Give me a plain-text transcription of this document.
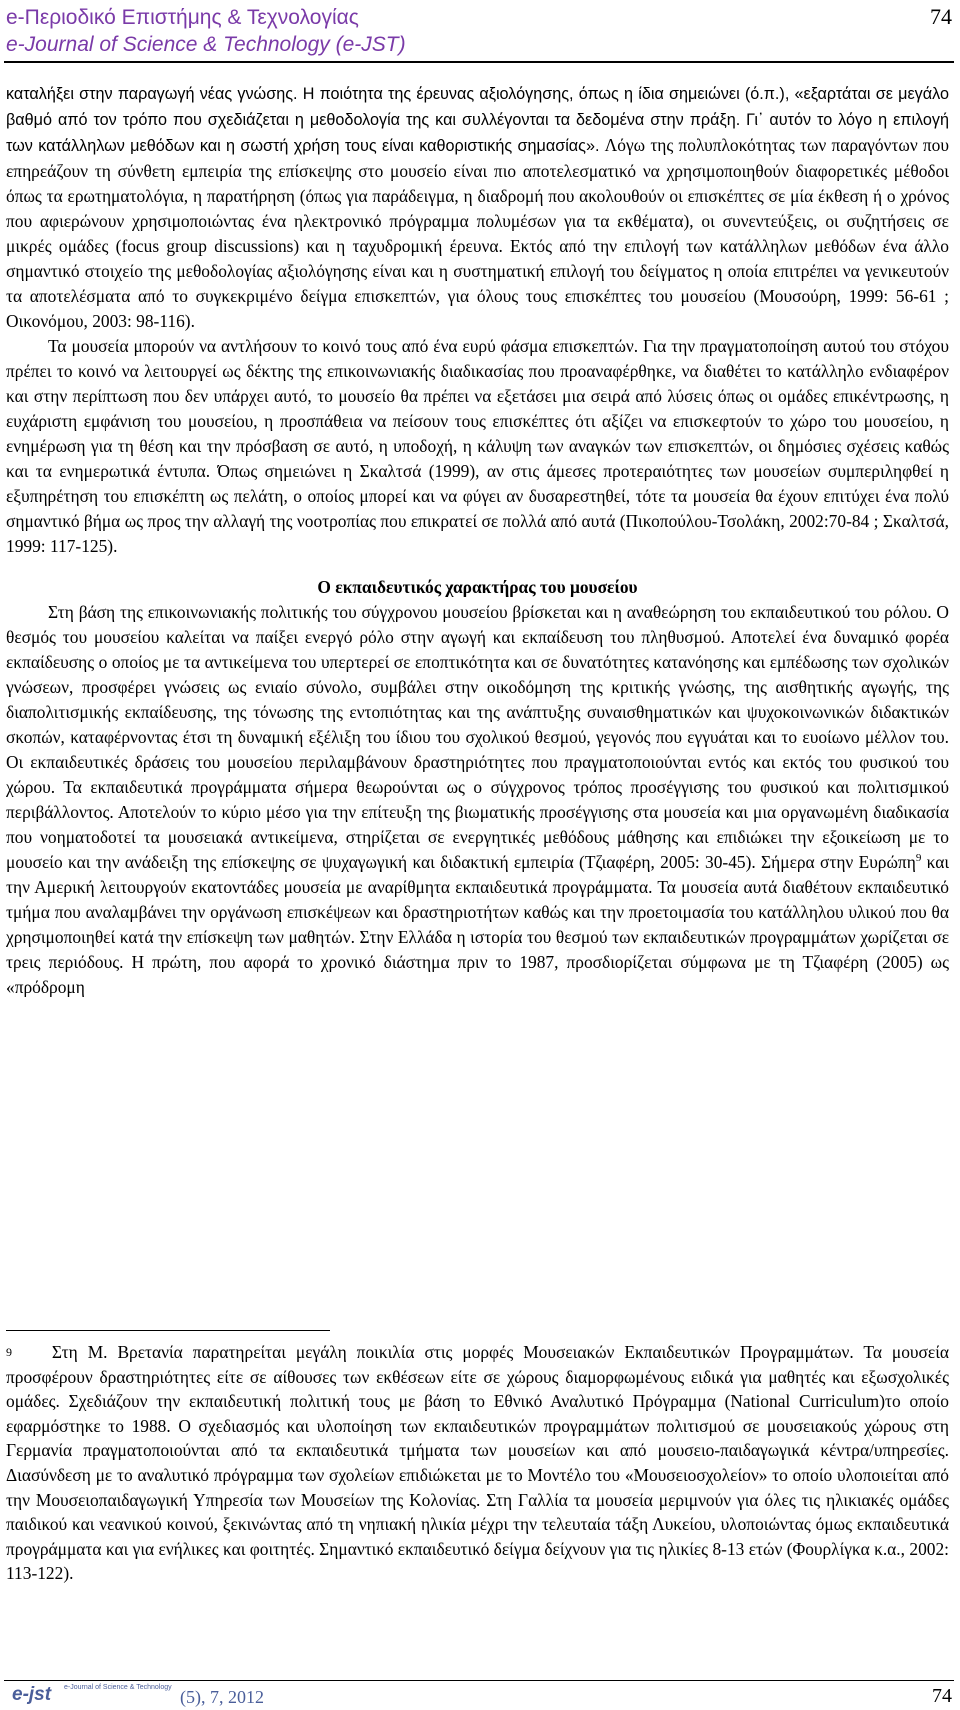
e-Περιοδικό Επιστήμης & Τεχνολογίας
e-Journal of Science & Technology (e-JST)
74

καταλήξει στην παραγωγή νέας γνώσης. Η ποιότητα της έρευνας αξιολόγησης, όπως η ίδια σημειώνει (ό.π.), «εξαρτάται σε μεγάλο βαθμό από τον τρόπο που σχεδιάζεται η μεθοδολογία της και συλλέγονται τα δεδομένα στην πράξη. Γι᾽ αυτόν το λόγο η επιλογή των κατάλληλων μεθόδων και η σωστή χρήση τους είναι καθοριστικής σημασίας».

Λόγω της πολυπλοκότητας των παραγόντων που επηρεάζουν τη σύνθετη εμπειρία της επίσκεψης στο μουσείο είναι πιο αποτελεσματικό να χρησιμοποιηθούν διαφορετικές μέθοδοι όπως τα ερωτηματολόγια, η παρατήρηση (όπως για παράδειγμα, η διαδρομή που ακολουθούν οι επισκέπτες σε μία έκθεση ή ο χρόνος που αφιερώνουν χρησιμοποιώντας ένα ηλεκτρονικό πρόγραμμα πολυμέσων για τα εκθέματα), οι συνεντεύξεις, οι συζητήσεις σε μικρές ομάδες (focus group discussions) και η ταχυδρομική έρευνα. Εκτός από την επιλογή των κατάλληλων μεθόδων ένα άλλο σημαντικό στοιχείο της μεθοδολογίας αξιολόγησης είναι και η συστηματική επιλογή του δείγματος η οποία επιτρέπει να γενικευτούν τα αποτελέσματα από το συγκεκριμένο δείγμα επισκεπτών, για όλους τους επισκέπτες του μουσείου (Μουσούρη, 1999: 56-61 ; Οικονόμου, 2003: 98-116).

Τα μουσεία μπορούν να αντλήσουν το κοινό τους από ένα ευρύ φάσμα επισκεπτών. Για την πραγματοποίηση αυτού του στόχου πρέπει το κοινό να λειτουργεί ως δέκτης της επικοινωνιακής διαδικασίας που προαναφέρθηκε, να διαθέτει το κατάλληλο ενδιαφέρον και στην περίπτωση που δεν υπάρχει αυτό, το μουσείο θα πρέπει να εξετάσει μια σειρά από λύσεις όπως οι ομάδες επικέντρωσης, η ευχάριστη εμφάνιση του μουσείου, η προσπάθεια να πείσουν τους επισκέπτες ότι αξίζει να επισκεφτούν το χώρο του μουσείου, η ενημέρωση για τη θέση και την πρόσβαση σε αυτό, η υποδοχή, η κάλυψη των αναγκών των επισκεπτών, οι δημόσιες σχέσεις καθώς και τα ενημερωτικά έντυπα. Όπως σημειώνει η Σκαλτσά (1999), αν στις άμεσες προτεραιότητες των μουσείων συμπεριληφθεί η εξυπηρέτηση του επισκέπτη ως πελάτη, ο οποίος μπορεί και να φύγει αν δυσαρεστηθεί, τότε τα μουσεία θα έχουν επιτύχει ένα πολύ σημαντικό βήμα ως προς την αλλαγή της νοοτροπίας που επικρατεί σε πολλά από αυτά (Πικοπούλου-Τσολάκη, 2002:70-84 ; Σκαλτσά, 1999: 117-125).

Ο εκπαιδευτικός χαρακτήρας του μουσείου

Στη βάση της επικοινωνιακής πολιτικής του σύγχρονου μουσείου βρίσκεται και η αναθεώρηση του εκπαιδευτικού του ρόλου. Ο θεσμός του μουσείου καλείται να παίξει ενεργό ρόλο στην αγωγή και εκπαίδευση του πληθυσμού. Αποτελεί ένα δυναμικό φορέα εκπαίδευσης ο οποίος με τα αντικείμενα του υπερτερεί σε εποπτικότητα και σε δυνατότητες κατανόησης και εμπέδωσης των σχολικών γνώσεων, προσφέρει γνώσεις ως ενιαίο σύνολο, συμβάλει στην οικοδόμηση της κριτικής γνώσης, της αισθητικής αγωγής, της διαπολιτισμικής εκπαίδευσης, της τόνωσης της εντοπιότητας και της ανάπτυξης συναισθηματικών και ψυχοκοινωνικών διδακτικών σκοπών, καταφέρνοντας έτσι τη δυναμική εξέλιξη του ίδιου του σχολικού θεσμού, γεγονός που εγγυάται και το ευοίωνο μέλλον του. Οι εκπαιδευτικές δράσεις του μουσείου περιλαμβάνουν δραστηριότητες που πραγματοποιούνται εντός και εκτός του φυσικού του χώρου. Τα εκπαιδευτικά προγράμματα σήμερα θεωρούνται ως ο σύγχρονος τρόπος προσέγγισης του φυσικού και πολιτισμικού περιβάλλοντος. Αποτελούν το κύριο μέσο για την επίτευξη της βιωματικής προσέγγισης στα μουσεία και μια οργανωμένη διαδικασία που νοηματοδοτεί τα μουσειακά αντικείμενα, στηρίζεται σε ενεργητικές μεθόδους μάθησης και επιδιώκει την εξοικείωση με το μουσείο και την ανάδειξη της επίσκεψης σε ψυχαγωγική και διδακτική εμπειρία (Τζιαφέρη, 2005: 30-45). Σήμερα στην Ευρώπη$^9$ και την Αμερική λειτουργούν εκατοντάδες μουσεία με αναρίθμητα εκπαιδευτικά προγράμματα. Τα μουσεία αυτά διαθέτουν εκπαιδευτικό τμήμα που αναλαμβάνει την οργάνωση επισκέψεων και δραστηριοτήτων καθώς και την προετοιμασία του κατάλληλου υλικού που θα χρησιμοποιηθεί κατά την επίσκεψη των μαθητών. Στην Ελλάδα η ιστορία του θεσμού των εκπαιδευτικών προγραμμάτων χωρίζεται σε τρεις περιόδους. Η πρώτη, που αφορά το χρονικό διάστημα πριν το 1987, προσδιορίζεται σύμφωνα με τη Τζιαφέρη (2005) ως «πρόδρομη

$^9$ Στη Μ. Βρετανία παρατηρείται μεγάλη ποικιλία στις μορφές Μουσειακών Εκπαιδευτικών Προγραμμάτων. Τα μουσεία προσφέρουν δραστηριότητες είτε σε αίθουσες των εκθέσεων είτε σε χώρους διαμορφωμένους ειδικά για μαθητές και εξωσχολικές ομάδες. Σχεδιάζουν την εκπαιδευτική πολιτική τους με βάση το Εθνικό Αναλυτικό Πρόγραμμα (National Curriculum)το οποίο εφαρμόστηκε το 1988. Ο σχεδιασμός και υλοποίηση των εκπαιδευτικών προγραμμάτων πολιτισμού σε μουσειακούς χώρους στη Γερμανία πραγματοποιούνται από τα εκπαιδευτικά τμήματα των μουσείων και από μουσειο-παιδαγωγικά κέντρα/υπηρεσίες. Διασύνδεση με το αναλυτικό πρόγραμμα των σχολείων επιδιώκεται με το Μοντέλο του «Μουσειοσχολείον» το οποίο υλοποιείται από την Μουσειοπαιδαγωγική Υπηρεσία των Μουσείων της Κολονίας. Στη Γαλλία τα μουσεία μεριμνούν για όλες τις ηλικιακές ομάδες παιδικού και νεανικού κοινού, ξεκινώντας από τη νηπιακή ηλικία μέχρι την τελευταία τάξη Λυκείου, υλοποιώντας όμως εκπαιδευτικά προγράμματα και για ενήλικες και φοιτητές. Σημαντικό εκπαιδευτικό δείγμα δείχνουν για τις ηλικίες 8-13 ετών (Φουρλίγκα κ.α., 2002: 113-122).
e-jst e-Journal of Science & Technology (5), 7, 2012	74
